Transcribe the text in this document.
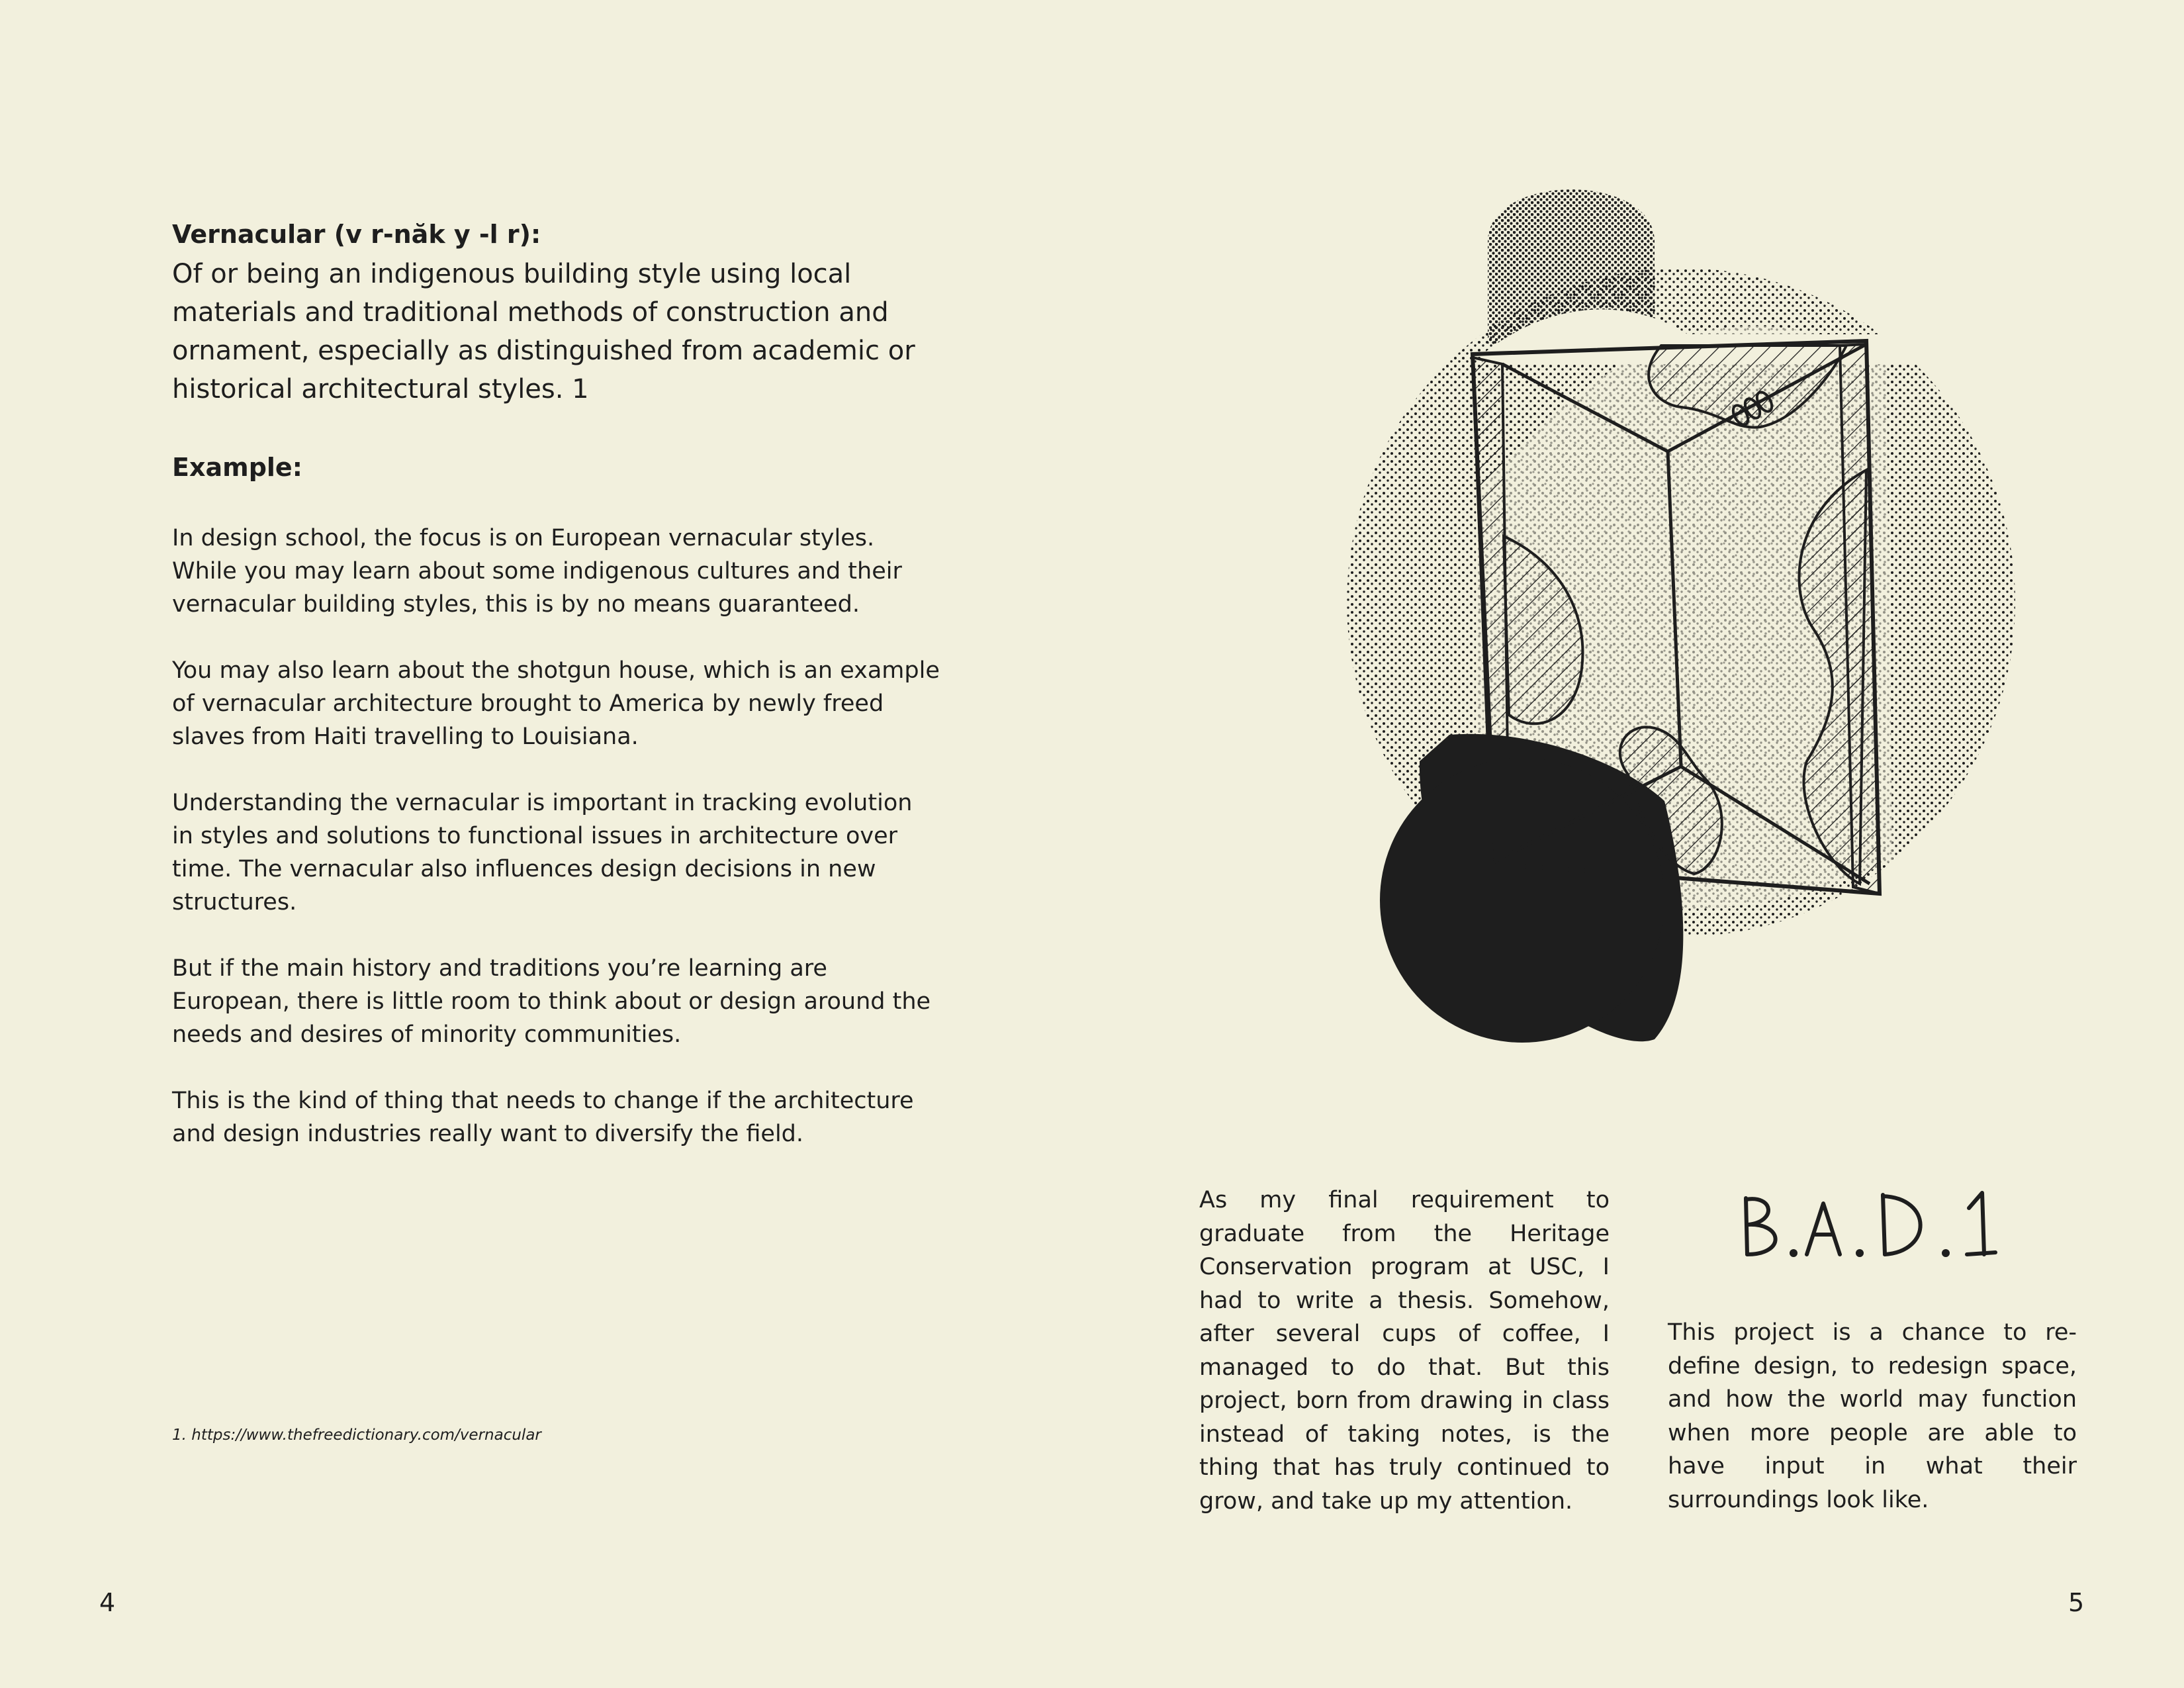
Vernacular (v r-năk y -l r):
Of or being an indigenous building style using local materials and traditional methods of construction and ornament, especially as distinguished from academic or historical architectural styles. 1
Example:

In design school, the focus is on European vernacular styles. While you may learn about some indigenous cultures and their vernacular building styles, this is by no means guaranteed.

You may also learn about the shotgun house, which is an example of vernacular architecture brought to America by newly freed slaves from Haiti travelling to Louisiana.

Understanding the vernacular is important in tracking evolution in styles and solutions to functional issues in architecture over time. The vernacular also influences design decisions in new structures.

But if the main history and traditions you’re learning are European, there is little room to think about or design around the needs and desires of minority communities.

This is the kind of thing that needs to change if the architecture and design industries really want to diversify the field.

1. https://www.thefreedictionary.com/vernacular
4

As my final requirement to graduate from the Heritage Conservation program at USC, I had to write a thesis. Somehow, after several cups of coffee, I managed to do that. But this project, born from drawing in class instead of taking notes, is the thing that has truly continued to grow, and take up my attention.

This project is a chance to re-define design, to redesign space, and how the world may function when more people are able to have input in what their surroundings look like.

5
